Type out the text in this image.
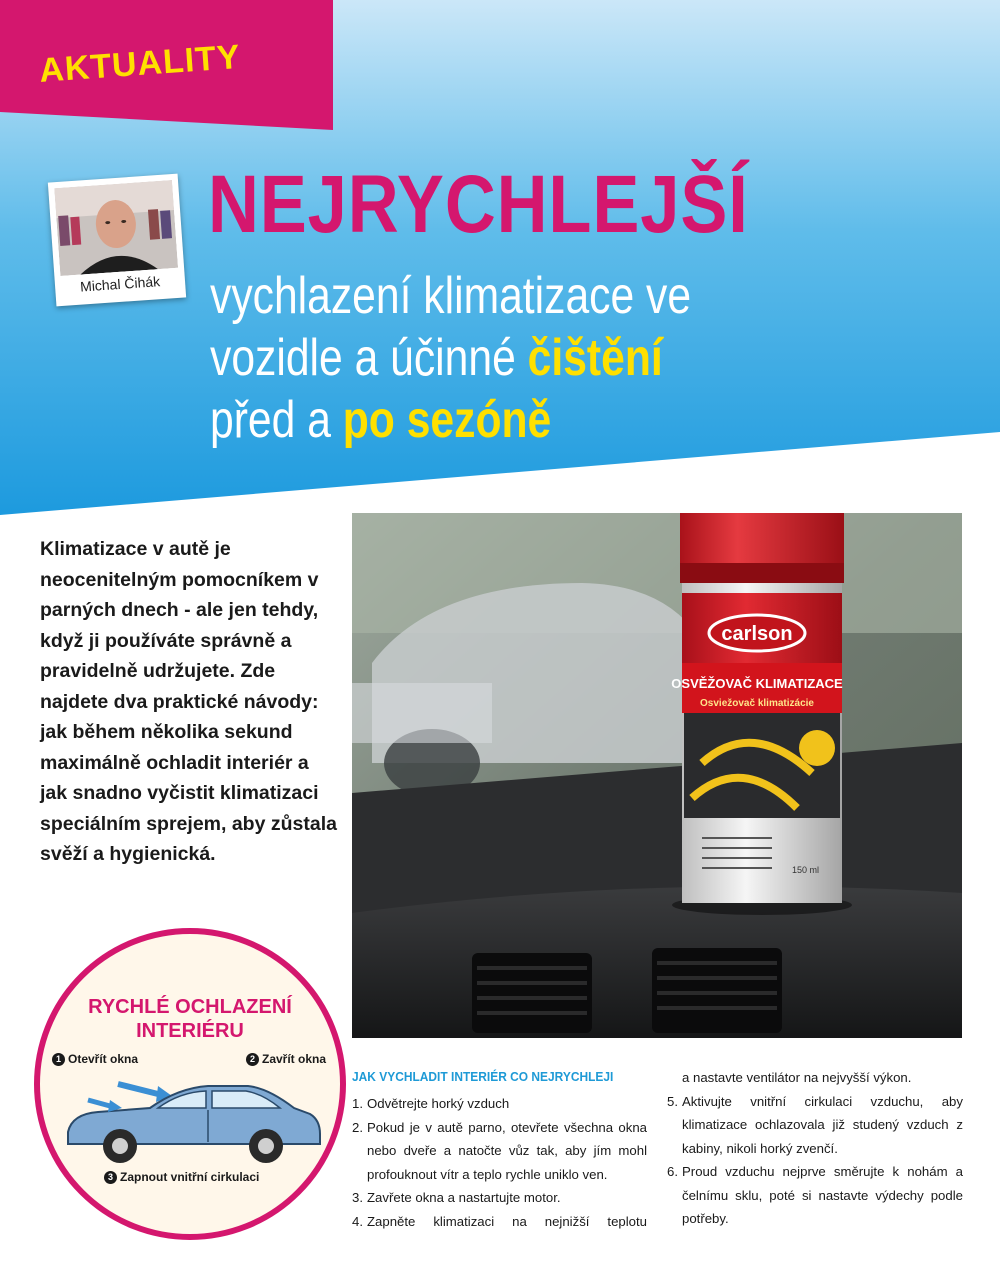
AKTUALITY
Michal Čihák
NEJRYCHLEJŠÍ
vychlazení klimatizace ve
vozidle a účinné čištění
před a po sezóně
Klimatizace v autě je neocenitelným pomocníkem v parných dnech - ale jen tehdy, když ji používáte správně a pravidelně udržujete. Zde najdete dva praktické návody: jak během několika sekund maximálně ochladit interiér a jak snadno vyčistit klimatizaci speciálním sprejem, aby zůstala svěží a hygienická.
carlson
OSVĚŽOVAČ KLIMATIZACE
Osviežovač klimatizácie
150 ml
RYCHLÉ OCHLAZENÍ
INTERIÉRU
1 Otevřít okna	2 Zavřít okna
3 Zapnout vnitřní cirkulaci
JAK VYCHLADIT INTERIÉR CO NEJRYCHLEJI
1. Odvětrejte horký vzduch
2. Pokud je v autě parno, otevřete všechna okna nebo dveře a natočte vůz tak, aby jím mohl profouknout vítr a teplo rychle uniklo ven.
3. Zavřete okna a nastartujte motor.
4. Zapněte klimatizaci na nejnižší teplotu
a nastavte ventilátor na nejvyšší výkon.
5. Aktivujte vnitřní cirkulaci vzduchu, aby klimatizace ochlazovala již studený vzduch z kabiny, nikoli horký zvenčí.
6. Proud vzduchu nejprve směrujte k nohám a čelnímu sklu, poté si nastavte výdechy podle potřeby.
